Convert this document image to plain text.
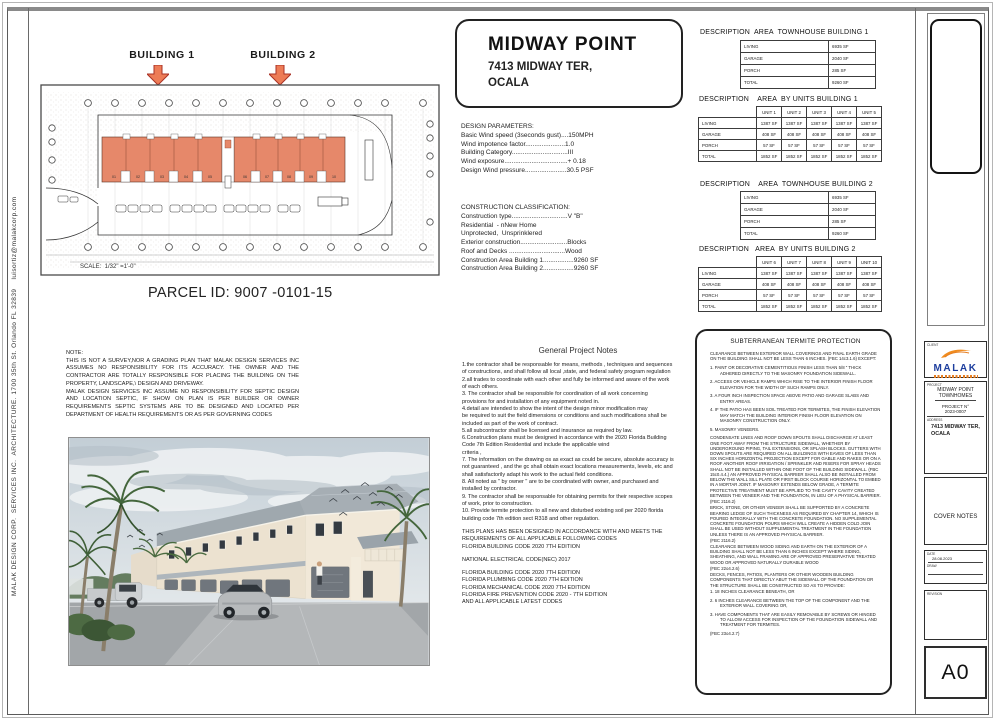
MALAK DESIGN CORP.  SERVICES INC.  ARCHITECTURE. 1700 35th St. Orlando FL 32839    luisortiz@malakcorp.com
BUILDING 1	BUILDING 2
01	02	03	04	05	06	07	08	09	10
SCALE:  1/32" =1'-0"
PARCEL ID: 9007 -0101-15
MIDWAY POINT
7413 MIDWAY TER,
OCALA
DESIGN PARAMETERS:
Basic Wind speed (3seconds gust)....150MPH
Wind impotence factor......................1.0
Building Category...............................III
Wind exposure...................................+ 0.18
Design Wind pressure.......................30.5 PSF
CONSTRUCTION CLASSIFICATION:
Construction type...............................V "B"
Residential  - nNew Home
Unprotected,  Unsprinklered
Exterior construction..........................Blocks
Roof and Decks ...............................Wood
Construction Area Building 1.................9260 SF
Construction Area Building 2.................9260 SF
DESCRIPTION  AREA  TOWNHOUSE BUILDING 1
LIVING	6935 SF
GARAGE	2040 SF
PORCH	285 SF
TOTAL	9260 SF
DESCRIPTION    AREA  BY UNITS BUILDING 1
	UNIT 1	UNIT 2	UNIT 3	UNIT 4	UNIT 5
LIVING	1387 SF	1387 SF	1387 SF	1387 SF	1387 SF
GARAGE	408 SF	408 SF	408 SF	408 SF	408 SF
PORCH	57 SF	57 SF	57 SF	57 SF	57 SF
TOTAL	1852 SF	1852 SF	1852 SF	1852 SF	1852 SF
DESCRIPTION    AREA  TOWNHOUSE BUILDING 2
LIVING	6935 SF
GARAGE	2040 SF
PORCH	285 SF
TOTAL	9260 SF
DESCRIPTION   AREA  BY UNITS BUILDING 2
	UNIT 6	UNIT 7	UNIT 8	UNIT 9	UNIT 10
LIVING	1387 SF	1387 SF	1387 SF	1387 SF	1387 SF
GARAGE	408 SF	408 SF	408 SF	408 SF	408 SF
PORCH	57 SF	57 SF	57 SF	57 SF	57 SF
TOTAL	1852 SF	1852 SF	1852 SF	1852 SF	1852 SF
NOTE:
THIS IS NOT A SURVEY,NOR A GRADING PLAN THAT MALAK DESIGN SERVICES INC ASSUMES NO RESPONSIBILITY FOR ITS ACCURACY. THE OWNER AND THE CONTRACTOR ARE TOTALLY RESPONSIBLE FOR PLACING THE BUILDING ON THE PROPERTY, LANDSCAPE,\ DESIGN AND DRIVEWAY.
MALAK DESIGN SERVICES INC ASSUME NO RESPONSIBILITY FOR SEPTIC DESIGN AND LOCATION SEPTIC, IF SHOW ON PLAN IS PER BUILDER OR OWNER REQUIREMENTS SEPTIC SYSTEMS ARE TO BE DESIGNED AND LOCATED PER DEPARTMENT OF HEALTH REQUIREMENTS OR AS PER GOVERNING CODES
General Project Notes
1.the contractor shall be responsable for means, methods , techniques and sequences of constructions, and shall follow all local ,state, and federal safety program regulation
2.all trades to coordinate with each other and fully be informed and aware of the work of each others.
3. The contractor shall be responsible for coordination of all work concerning provisions for and installation of any equipment noted in.
4.detail are intended to show the intent of the design minor modification may
be required to suit the field dimensions or conditions and such modifications shall be included as part of the work of contract.
5.all subcontractor shall be licensed and insurance as required by law.
6.Construction plans must be designed in accordance with the 2020 Florida Building Code 7th Edition Residential and include the applicable wind
criteria ,
7. The information on the drawing os as exact as could be secure, absolute accuracy is not guaranteed , and the gc shall obtain exact locations measurements, levels, etc and shall satisfactorily adapt his work to the actual field conditions.
8. All noted as " by owner " are to be coordinated with owner, and purchased and installed by contractor.
9. The contractor shall be responsable for obtaining permits for their respective scopes of work, prior to construction.
10. Provide termite protection to all new and disturbed existing soil per 2020 florida building code 7th edition sect R318 and other regulation.
THIS PLANS HAS BEEN DESIGNED IN ACCORDANCE WITH AND MEETS THE REQUIREMENTS OF ALL APPLICABLE FOLLOWING CODES
FLORIDA BUILDING CODE 2020 7TH EDITION
NATIONAL ELECTRICAL CODE(NEC) 2017
FLORIDA BUILDING CODE 2020 7TH EDITION
FLORIDA PLUMBING CODE 2020 7TH EDITION
FLORIDA MECHANICAL CODE 2020 7TH EDITION
FLORIDA FIRE PREVENTION CODE 2020 - 7TH EDITION
AND ALL APPLICABLE LATEST CODES
SUBTERRANEAN TERMITE PROTECTION
CLEARANCE BETWEEN EXTERIOR WALL COVERINGS AND FINAL EARTH GRADE ON THE BUILDING SHALL NOT BE LESS THAN 6 INCHES. (FBC 14c3.1.6) EXCEPT:
1. PAINT OR DECORATIVE CEMENTITIOUS FINISH LESS THAN 5/8 " THICK ADHERED DIRECTLY TO THE MASONRY FOUNDATION SIDEWALL.
2. ACCESS OR VEHICLE RAMPS WHICH RISE TO THE INTERIOR FINISH FLOOR ELEVATION FOR THE WIDTH OF SUCH RAMPS ONLY.
3. A FOUR INCH INSPECTION SPACE ABOVE PATIO AND GARAGE SLABS AND ENTRY AREAS.
4. IF THE PATIO HAS BEEN SOIL TREATED FOR TERMITES, THE FINISH ELEVATION MAY MATCH THE BUILDING INTERIOR FINISH FLOOR ELEVATION ON MASONRY CONSTRUCTION ONLY.
5. MASONRY VENEERS.
CONDENSATE LINES AND ROOF DOWN SPOUTS SHALL DISCHARGE AT LEAST ONE FOOT AWAY FROM THE STRUCTURE SIDEWALL, WHETHER BY UNDERGROUND PIPING, TAIL EXTENSIONS, OR SPLASH BLOCKS. GUTTERS WITH DOWN SPOUTS ARE REQUIRED ON ALL BUILDINGS WITH EAVES OF LESS THAN SIX INCHES HORIZONTAL PROJECTION EXCEPT FOR GABLE AND RAKES OR ON A ROOF ANOTHER ROOF IRRIGATION / SPRINKLER AND RISERS FOR SPRAY HEADS SHALL NOT BE INSTALLED WITHIN ONE FOOT OF THE BUILDING SIDEWALL. (FBC 15c0.4.4.) AN APPROVED PHYSICAL BARRIER SHALL ALSO BE INSTALLED FROM BELOW THE WALL SILL PLATE OR FIRST BLOCK COURSE HORIZONTAL TO EMBED IN A MORTAR JOINT. IF MASONRY EXTENDS BELOW GRADE, A TERMITE PROTECTIVE TREATMENT MUST BE APPLIED TO THE CAVITY CAVITY CREATED BETWEEN THE VENEER AND THE FOUNDATION, IN LIEU OF A PHYSICAL BARRIER.
(FBC 2116.2)
BRICK, STONE, OR OTHER VENEER SHALL BE SUPPORTED BY A CONCRETE BEARING LEDGE OF SUCH THICKNESS AS REQUIRED BY CHAPTER 14, WHICH IS POURED INTEGRALLY WITH THE CONCRETE FOUNDATION. NO SUPPLEMENTAL CONCRETE FOUNDATION POURS WHICH WILL CREATE A HIDDEN COLD JOIN SHALL BE USED WITHOUT SUPPLEMENTAL TREATMENT IN THE FOUNDATION UNLESS THERE IS AN APPROVED PHYSICAL BARRIER.
(FBC 2116.2)
CLEARANCE BETWEEN WOOD SIDING AND EARTH ON THE EXTERIOR OF A BUILDING SHALL NOT BE LESS THAN 6 INCHES EXCEPT WHERE SIDING, SHEATHING, AND WALL FRAMING ARE OF APPROVED PRESERVATIVE TREATED WOOD OR APPROVED NATURALLY DURABLE WOOD
(FBC 22o4.2.6)
DECKS, FENCES, PATIOS, PLANTERS OR OTHER WOODEN BUILDING COMPONENTS THAT DIRECTLY ABUT THE SIDEWALL OF THE FOUNDATION OR THE STRUCTURE SHALL BE CONSTRUCTED SO AS TO PROVIDE:
1. 18 INCHES CLEARANCE BENEATH, OR
2. 6 INCHES CLEARANCE BETWEEN THE TOP OF THE COMPONENT AND THE EXTERIOR WALL COVERING OR,
3. HAVE COMPONENTS THAT ARE EASILY REMOVABLE BY SCREWS OR HINGED TO ALLOW ACCESS FOR INSPECTION OF THE FOUNDATION SIDEWALL AND TREATMENT FOR TERMITES.
(FBC 23o4.2.7)
CLIENT
MALAK
PROJECT
MIDWAY POINT
TOWNHOMES
PROJECT N°
2023-0007
ADDRESS
7413 MIDWAY TER,
OCALA
COVER NOTES
DATE
28.08.2023
DRAW
REVISION
A0
